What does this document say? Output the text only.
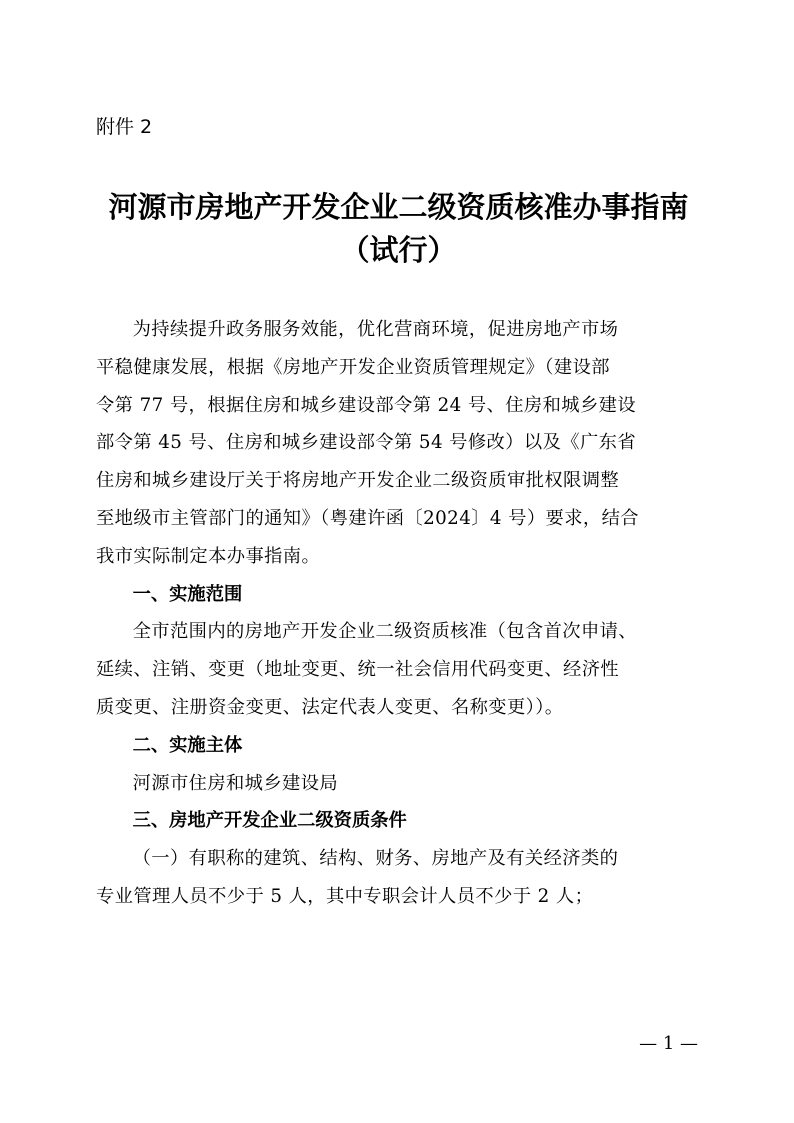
附件 2
河源市房地产开发企业二级资质核准办事指南
（试行）

为持续提升政务服务效能，优化营商环境，促进房地产市场
平稳健康发展，根据《房地产开发企业资质管理规定》（建设部
令第 77 号，根据住房和城乡建设部令第 24 号、住房和城乡建设
部令第 45 号、住房和城乡建设部令第 54 号修改）以及《广东省
住房和城乡建设厅关于将房地产开发企业二级资质审批权限调整
至地级市主管部门的通知》（粤建许函〔2024〕4 号）要求，结合
我市实际制定本办事指南。

一、实施范围

全市范围内的房地产开发企业二级资质核准（包含首次申请、
延续、注销、变更（地址变更、统一社会信用代码变更、经济性
质变更、注册资金变更、法定代表人变更、名称变更））。

二、实施主体

河源市住房和城乡建设局

三、房地产开发企业二级资质条件

（一）有职称的建筑、结构、财务、房地产及有关经济类的
专业管理人员不少于 5 人，其中专职会计人员不少于 2 人；

— 1 —
